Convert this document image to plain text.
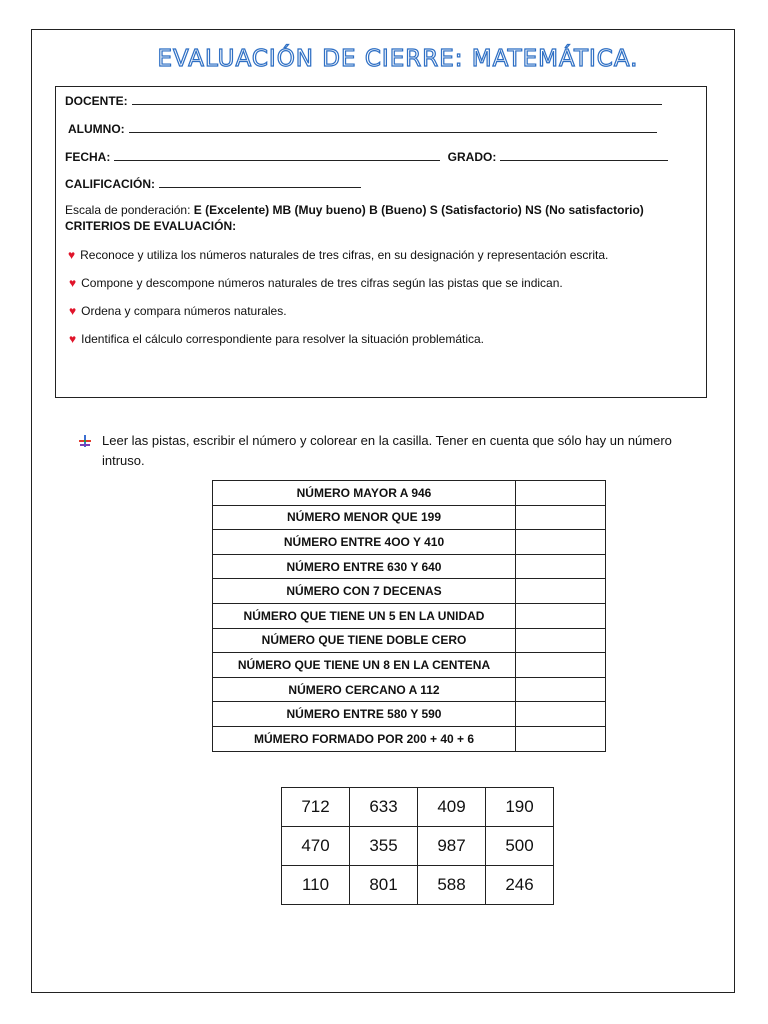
EVALUACIÓN DE CIERRE: MATEMÁTICA.
DOCENTE:
ALUMNO:
FECHA:	GRADO:
CALIFICACIÓN:
Escala de ponderación: E (Excelente) MB (Muy bueno) B (Bueno) S (Satisfactorio) NS (No satisfactorio)
CRITERIOS DE EVALUACIÓN:
♥ Reconoce y utiliza los números naturales de tres cifras, en su designación y representación escrita.
♥ Compone y descompone números naturales de tres cifras según las pistas que se indican.
♥ Ordena y compara números naturales.
♥ Identifica el cálculo correspondiente para resolver la situación problemática.
Leer las pistas, escribir el número y colorear en la casilla. Tener en cuenta que sólo hay un número intruso.
NÚMERO MAYOR A 946	
NÚMERO MENOR QUE 199	
NÚMERO ENTRE 4OO Y 410	
NÚMERO ENTRE 630 Y 640	
NÚMERO CON 7 DECENAS	
NÚMERO QUE TIENE UN 5 EN LA UNIDAD	
NÚMERO QUE TIENE DOBLE CERO	
NÚMERO QUE TIENE UN 8 EN LA CENTENA	
NÚMERO CERCANO A 112	
NÚMERO ENTRE 580 Y 590	
MÚMERO FORMADO POR 200 + 40 + 6	
712	633	409	190
470	355	987	500
110	801	588	246
